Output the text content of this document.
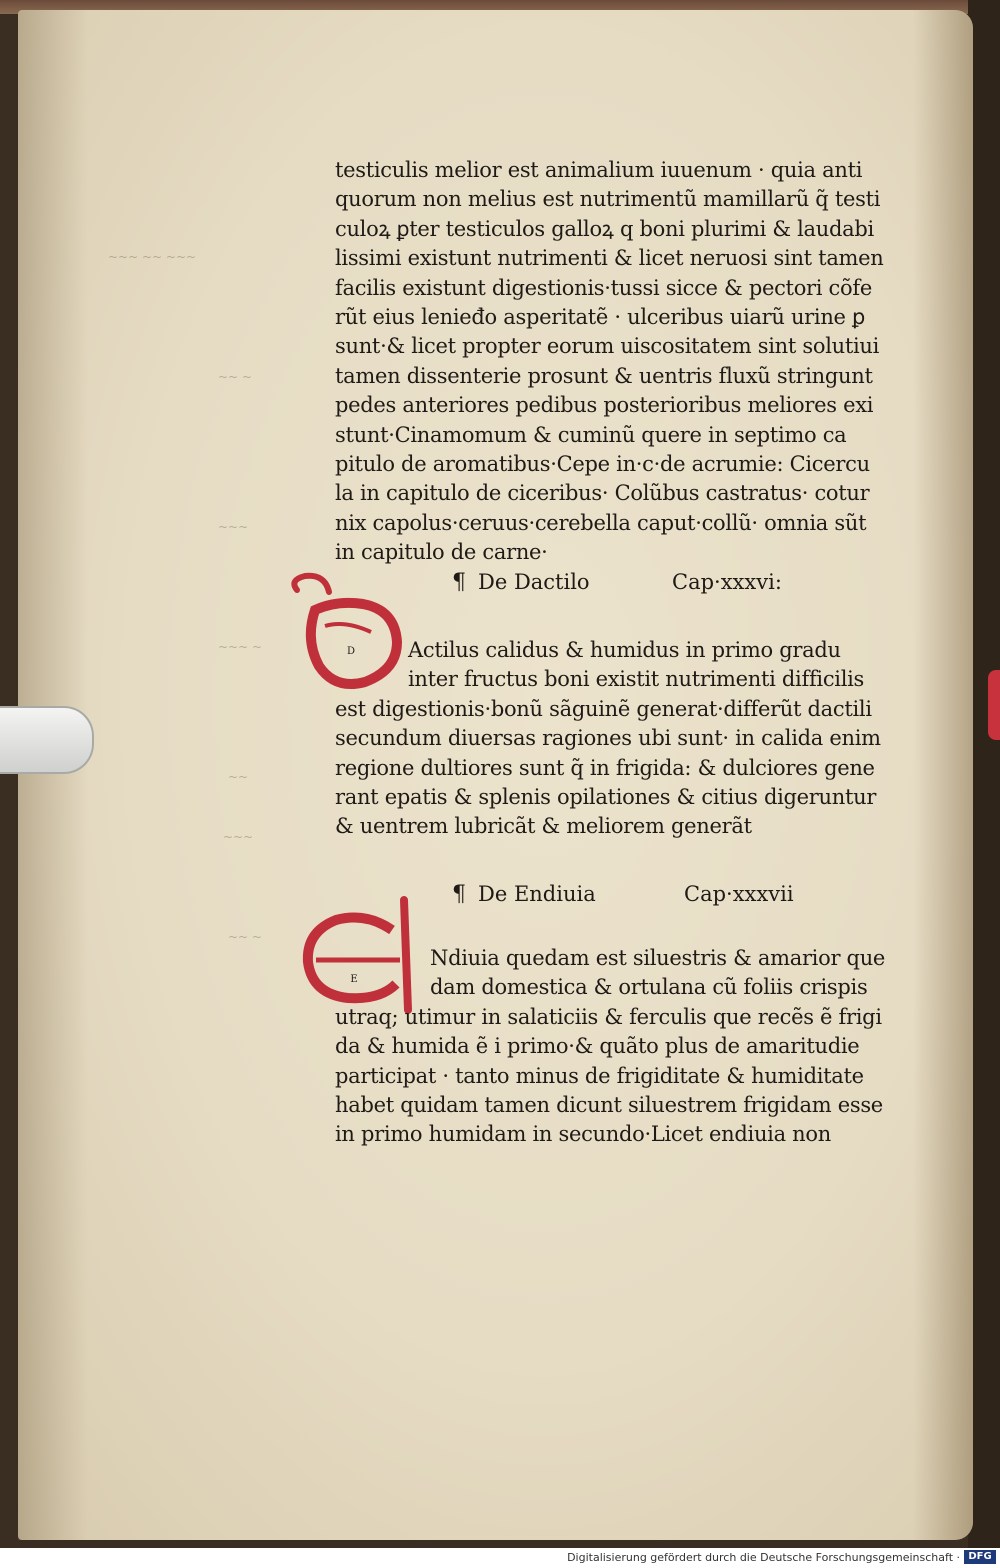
~~~ ~~ ~~~
~~ ~
~~~
~~~ ~
~~
~~~
~~ ~
testiculis melior est animalium iuuenum · quia anti
quorum non melius est nutrimentũ mamillarũ q̃ testi
culoꝝ ꝑter testiculos galloꝝ q boni plurimi & laudabi
lissimi existunt nutrimenti & licet neruosi sint tamen
facilis existunt digestionis·tussi sicce & pectori cõfe
rũt eius lenieđo asperitatẽ · ulceribus uiarũ urine ꝑ
sunt·& licet propter eorum uiscositatem sint solutiui
tamen dissenterie prosunt & uentris fluxũ stringunt
pedes anteriores pedibus posterioribus meliores exi
stunt·Cinamomum & cuminũ quere in septimo ca
pitulo de aromatibus·Cepe in·c·de acrumie: Cicercu
la in capitulo de ciceribus· Colũbus castratus· cotur
nix capolus·ceruus·cerebella caput·collũ· omnia sũt
in capitulo de carne·
¶ De Dactilo	Cap·xxxvi:
D	Actilus calidus & humidus in primo gradu
inter fructus boni existit nutrimenti difficilis
est digestionis·bonũ sãguinẽ generat·differũt dactili
secundum diuersas ragiones ubi sunt· in calida enim
regione dultiores sunt q̃ in frigida: & dulciores gene
rant epatis & splenis opilationes & citius digeruntur
& uentrem lubricãt & meliorem generãt
¶ De Endiuia	Cap·xxxvii
E
Ndiuia quedam est siluestris & amarior que
dam domestica & ortulana cũ foliis crispis
utraq; utimur in salaticiis & ferculis que recẽs ẽ frigi
da & humida ẽ i primo·& quãto plus de amaritudie
participat · tanto minus de frigiditate & humiditate
habet quidam tamen dicunt siluestrem frigidam esse
in primo humidam in secundo·Licet endiuia non
Digitalisierung gefördert durch die Deutsche Forschungsgemeinschaft · DFG
